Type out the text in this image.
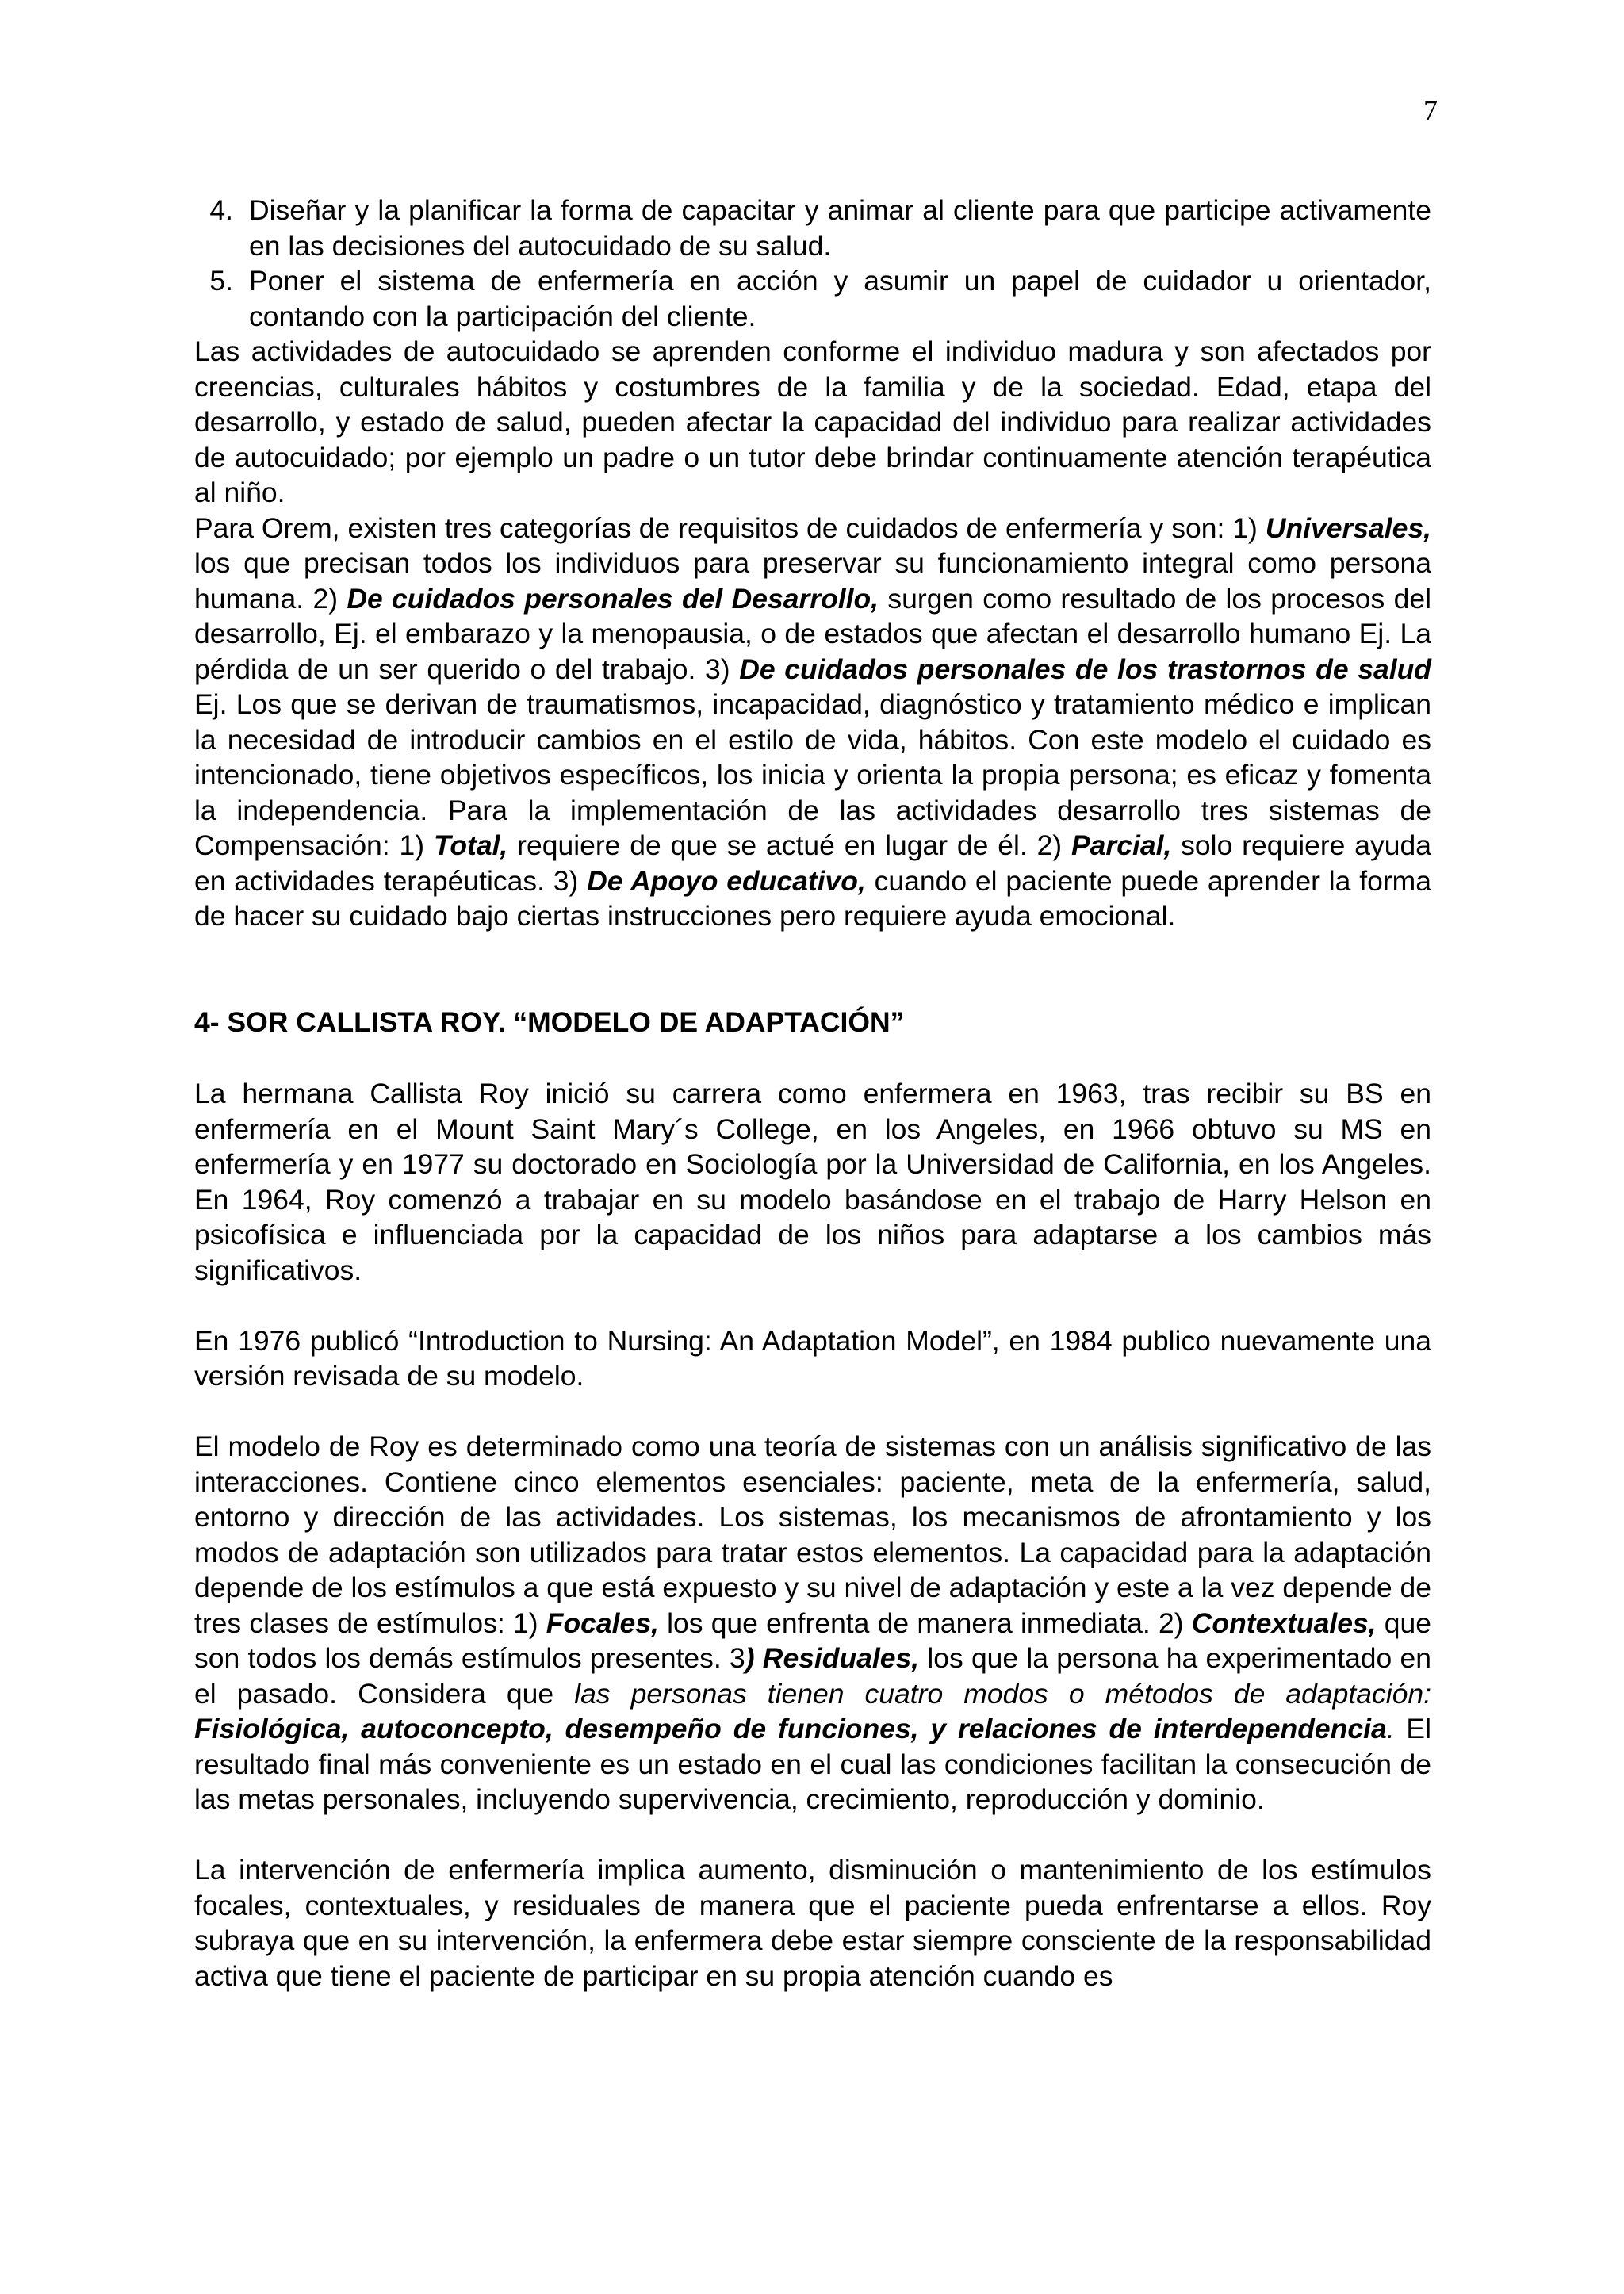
7
4. Diseñar y la planificar la forma de capacitar y animar al cliente para que participe activamente en las decisiones del autocuidado de su salud.
5. Poner el sistema de enfermería en acción y asumir un papel de cuidador u orientador, contando con la participación del cliente.

Las actividades de autocuidado se aprenden conforme el individuo madura y son afectados por creencias, culturales hábitos y costumbres de la familia y de la sociedad. Edad, etapa del desarrollo, y estado de salud, pueden afectar la capacidad del individuo para realizar actividades de autocuidado; por ejemplo un padre o un tutor debe brindar continuamente atención terapéutica al niño.

Para Orem, existen tres categorías de requisitos de cuidados de enfermería y son: 1) Universales, los que precisan todos los individuos para preservar su funcionamiento integral como persona humana. 2) De cuidados personales del Desarrollo, surgen como resultado de los procesos del desarrollo, Ej. el embarazo y la menopausia, o de estados que afectan el desarrollo humano Ej. La pérdida de un ser querido o del trabajo. 3) De cuidados personales de los trastornos de salud Ej. Los que se derivan de traumatismos, incapacidad, diagnóstico y tratamiento médico e implican la necesidad de introducir cambios en el estilo de vida, hábitos. Con este modelo el cuidado es intencionado, tiene objetivos específicos, los inicia y orienta la propia persona; es eficaz y fomenta la independencia. Para la implementación de las actividades desarrollo tres sistemas de Compensación: 1) Total, requiere de que se actué en lugar de él. 2) Parcial, solo requiere ayuda en actividades terapéuticas. 3) De Apoyo educativo, cuando el paciente puede aprender la forma de hacer su cuidado bajo ciertas instrucciones pero requiere ayuda emocional.

4- SOR CALLISTA ROY. “MODELO DE ADAPTACIÓN”

La hermana Callista Roy inició su carrera como enfermera en 1963, tras recibir su BS en enfermería en el Mount Saint Mary´s College, en los Angeles, en 1966 obtuvo su MS en enfermería y en 1977 su doctorado en Sociología por la Universidad de California, en los Angeles. En 1964, Roy comenzó a trabajar en su modelo basándose en el trabajo de Harry Helson en psicofísica e influenciada por la capacidad de los niños para adaptarse a los cambios más significativos.

En 1976 publicó “Introduction to Nursing: An Adaptation Model”, en 1984 publico nuevamente una versión revisada de su modelo.

El modelo de Roy es determinado como una teoría de sistemas con un análisis significativo de las interacciones. Contiene cinco elementos esenciales: paciente, meta de la enfermería, salud, entorno y dirección de las actividades. Los sistemas, los mecanismos de afrontamiento y los modos de adaptación son utilizados para tratar estos elementos. La capacidad para la adaptación depende de los estímulos a que está expuesto y su nivel de adaptación y este a la vez depende de tres clases de estímulos: 1) Focales, los que enfrenta de manera inmediata. 2) Contextuales, que son todos los demás estímulos presentes. 3) Residuales, los que la persona ha experimentado en el pasado. Considera que las personas tienen cuatro modos o métodos de adaptación: Fisiológica, autoconcepto, desempeño de funciones, y relaciones de interdependencia. El resultado final más conveniente es un estado en el cual las condiciones facilitan la consecución de las metas personales, incluyendo supervivencia, crecimiento, reproducción y dominio.

La intervención de enfermería implica aumento, disminución o mantenimiento de los estímulos focales, contextuales, y residuales de manera que el paciente pueda enfrentarse a ellos. Roy subraya que en su intervención, la enfermera debe estar siempre consciente de la responsabilidad activa que tiene el paciente de participar en su propia atención cuando es
